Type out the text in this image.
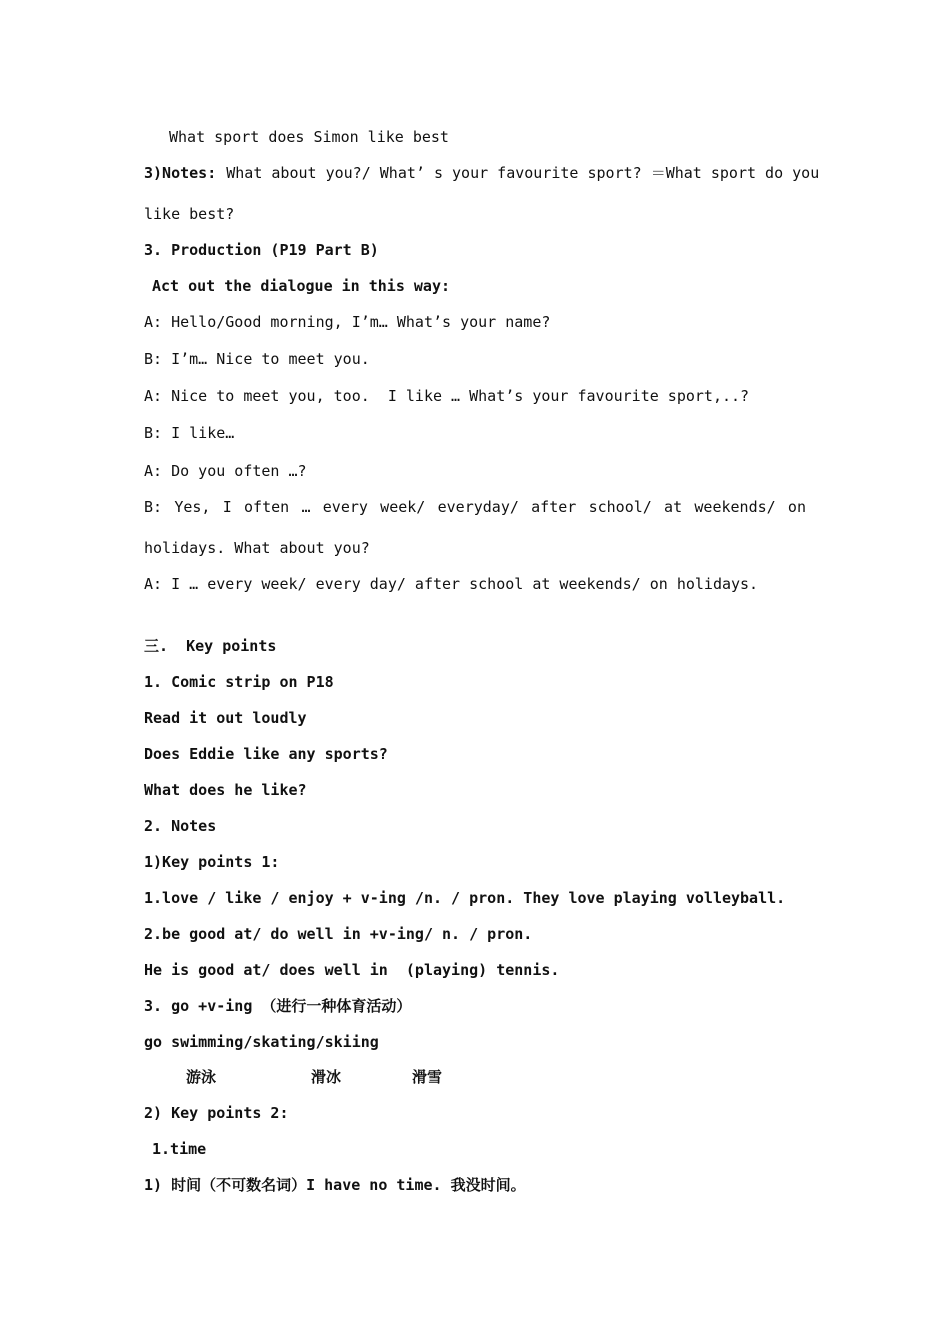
What sport does Simon like best
3)Notes: What about you?/ What’ s your favourite sport? ＝What sport do you
like best?
3. Production (P19 Part B)
Act out the dialogue in this way:
A: Hello/Good morning, I’m… What’s your name?
B: I’m… Nice to meet you.
A: Nice to meet you, too.  I like … What’s your favourite sport,..?
B: I like…
A: Do you often …?
B: Yes, I often … every week/ everyday/ after school/ at weekends/ on
holidays. What about you?
A: I … every week/ every day/ after school at weekends/ on holidays.
三.  Key points
1. Comic strip on P18
Read it out loudly
Does Eddie like any sports?
What does he like?
2. Notes
1)Key points 1:
1.love / like / enjoy + v-ing /n. / pron. They love playing volleyball.
2.be good at/ do well in +v-ing/ n. / pron.
He is good at/ does well in  (playing) tennis.
3. go +v-ing （进行一种体育活动）
go swimming/skating/skiing
游泳	滑冰	滑雪
2) Key points 2:
1.time
1) 时间（不可数名词）I have no time. 我没时间。
